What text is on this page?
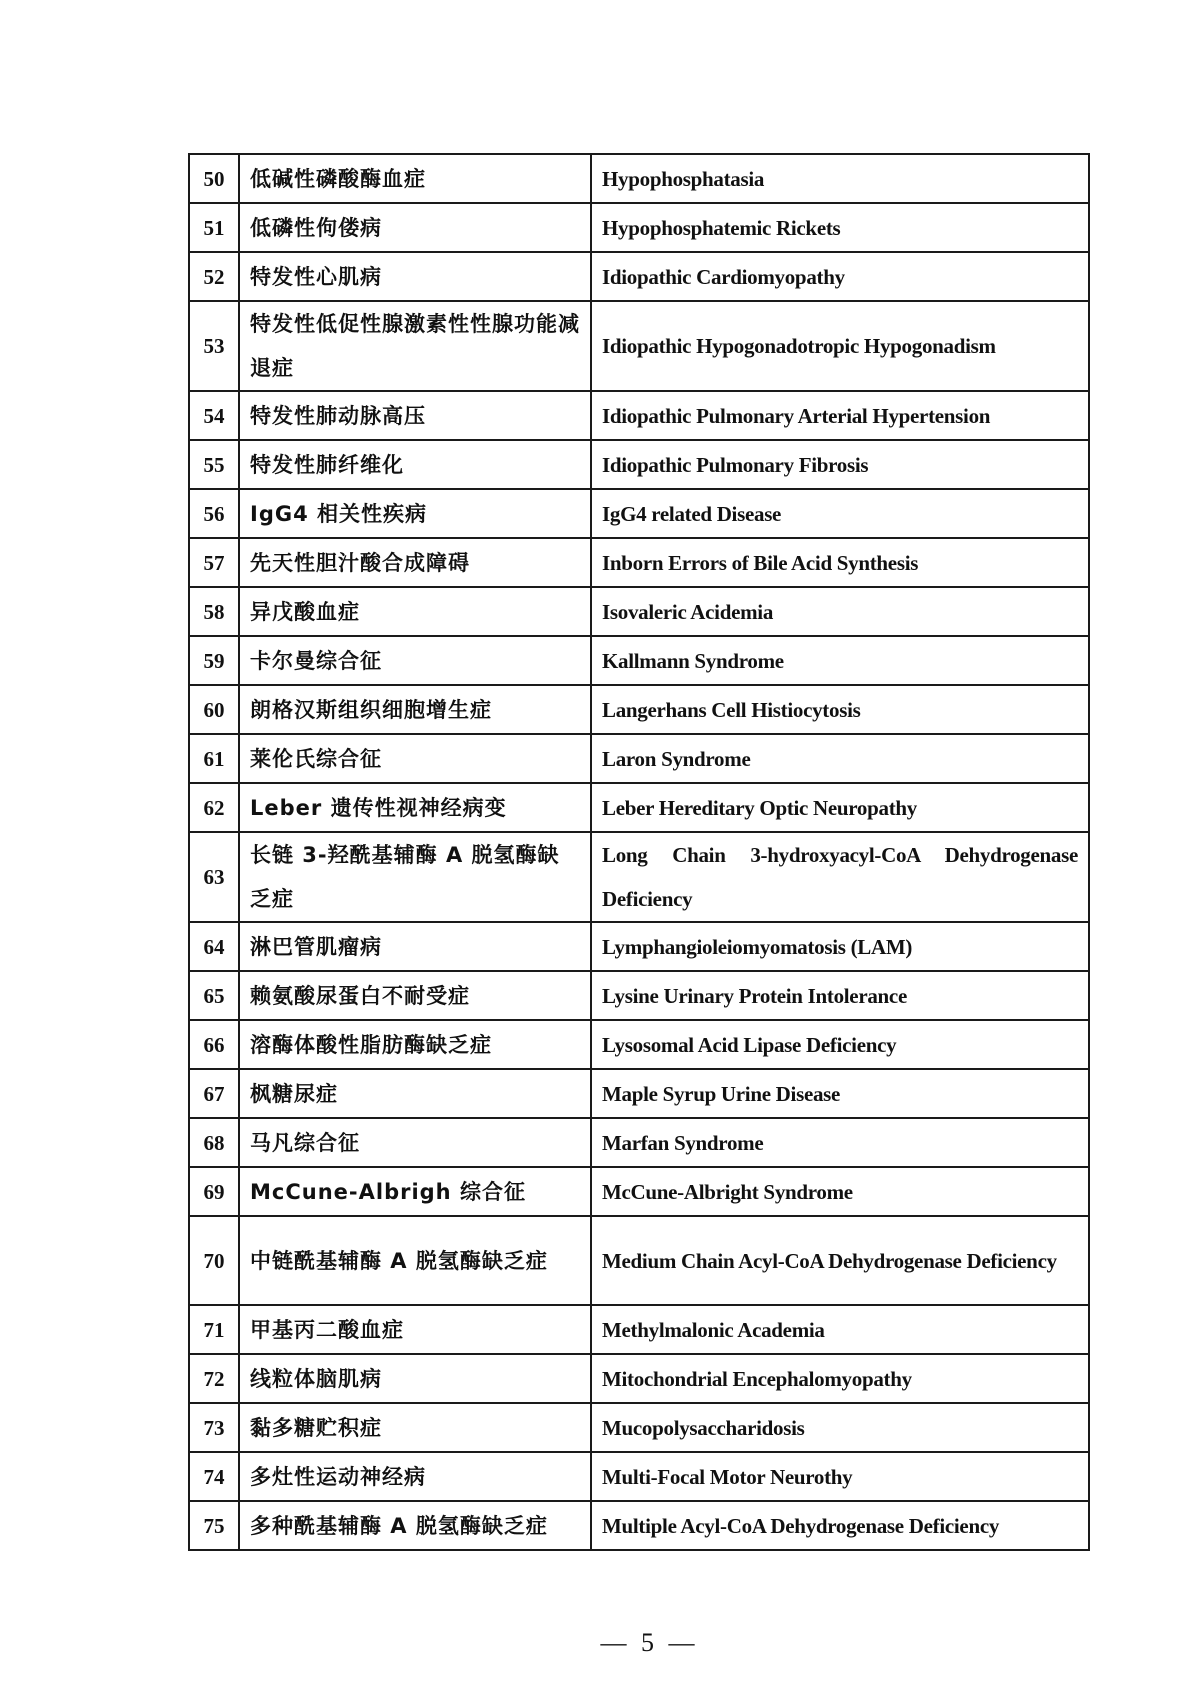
50	低碱性磷酸酶血症	Hypophosphatasia
51	低磷性佝偻病	Hypophosphatemic Rickets
52	特发性心肌病	Idiopathic Cardiomyopathy
53	特发性低促性腺激素性性腺功能减退症	Idiopathic Hypogonadotropic Hypogonadism
54	特发性肺动脉高压	Idiopathic Pulmonary Arterial Hypertension
55	特发性肺纤维化	Idiopathic Pulmonary Fibrosis
56	IgG4 相关性疾病	IgG4 related Disease
57	先天性胆汁酸合成障碍	Inborn Errors of Bile Acid Synthesis
58	异戊酸血症	Isovaleric Acidemia
59	卡尔曼综合征	Kallmann Syndrome
60	朗格汉斯组织细胞增生症	Langerhans Cell Histiocytosis
61	莱伦氏综合征	Laron Syndrome
62	Leber 遗传性视神经病变	Leber Hereditary Optic Neuropathy
63	长链 3-羟酰基辅酶 A 脱氢酶缺乏症	Long Chain 3-hydroxyacyl-CoA Dehydrogenase Deficiency
64	淋巴管肌瘤病	Lymphangioleiomyomatosis (LAM)
65	赖氨酸尿蛋白不耐受症	Lysine Urinary Protein Intolerance
66	溶酶体酸性脂肪酶缺乏症	Lysosomal Acid Lipase Deficiency
67	枫糖尿症	Maple Syrup Urine Disease
68	马凡综合征	Marfan Syndrome
69	McCune-Albrigh 综合征	McCune-Albright Syndrome
70	中链酰基辅酶 A 脱氢酶缺乏症	Medium Chain Acyl-CoA Dehydrogenase Deficiency
71	甲基丙二酸血症	Methylmalonic Academia
72	线粒体脑肌病	Mitochondrial Encephalomyopathy
73	黏多糖贮积症	Mucopolysaccharidosis
74	多灶性运动神经病	Multi-Focal Motor Neurothy
75	多种酰基辅酶 A 脱氢酶缺乏症	Multiple Acyl-CoA Dehydrogenase Deficiency
— 5 —
